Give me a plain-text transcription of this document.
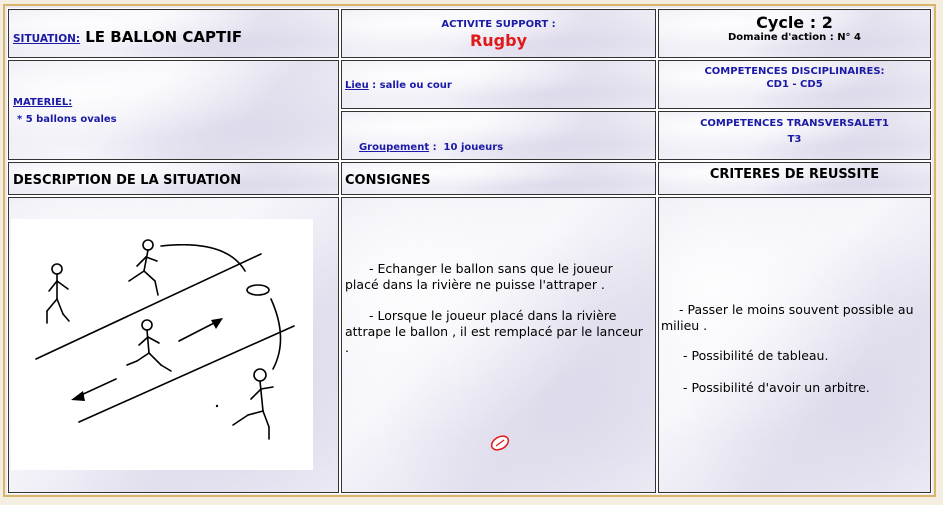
SITUATION: LE BALLON CAPTIF
ACTIVITE SUPPORT :
Rugby
Cycle : 2
Domaine d'action : N° 4
MATERIEL:
* 5 ballons ovales
Lieu : salle ou cour

Groupement :  10 joueurs

COMPETENCES DISCIPLINAIRES:
CD1 - CD5
COMPETENCES TRANSVERSALET1
T3
DESCRIPTION DE LA SITUATION	CONSIGNES	CRITERES DE REUSSITE
- Echanger le ballon sans que le joueur placé dans la rivière ne puisse l'attraper .
- Lorsque le joueur placé dans la rivière attrape le ballon , il est remplacé par le lanceur .
- Passer le moins souvent possible au milieu .
- Possibilité de tableau.
- Possibilité d'avoir un arbitre.
